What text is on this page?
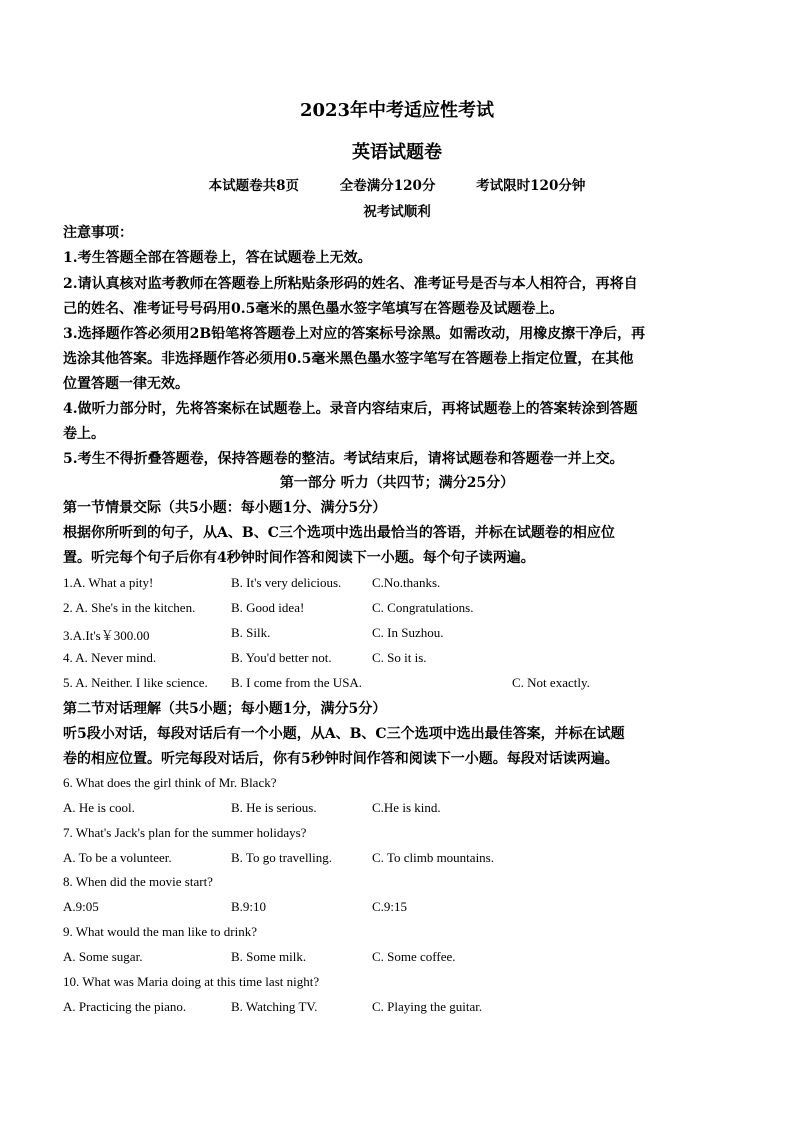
2023年中考适应性考试
英语试题卷
本试题卷共8页	全卷满分120分	考试限时120分钟
祝考试顺利
注意事项：
1.考生答题全部在答题卷上，答在试题卷上无效。
2.请认真核对监考教师在答题卷上所粘贴条形码的姓名、准考证号是否与本人相符合，再将自
己的姓名、准考证号号码用0.5毫米的黑色墨水签字笔填写在答题卷及试题卷上。
3.选择题作答必须用2B铅笔将答题卷上对应的答案标号涂黑。如需改动，用橡皮擦干净后，再
选涂其他答案。非选择题作答必须用0.5毫米黑色墨水签字笔写在答题卷上指定位置，在其他
位置答题一律无效。
4.做听力部分时，先将答案标在试题卷上。录音内容结束后，再将试题卷上的答案转涂到答题
卷上。
5.考生不得折叠答题卷，保持答题卷的整洁。考试结束后，请将试题卷和答题卷一并上交。
第一部分 听力（共四节；满分25分）
第一节情景交际（共5小题：每小题1分、满分5分）
根据你所听到的句子，从A、B、C三个选项中选出最恰当的答语，并标在试题卷的相应位
置。听完每个句子后你有4秒钟时间作答和阅读下一小题。每个句子读两遍。
1.A. What a pity!	B. It's very delicious. C.No.thanks.
2. A. She's in the kitchen.	B. Good idea!	C. Congratulations.
3.A.It's￥300.00	B. Silk.	C. In Suzhou.
4. A. Never mind.	B. You'd better not.	C. So it is.
5. A. Neither. I like science. B. I come from the USA.	C. Not exactly.
第二节对话理解（共5小题；每小题1分，满分5分）
听5段小对话，每段对话后有一个小题，从A、B、C三个选项中选出最佳答案，并标在试题
卷的相应位置。听完每段对话后，你有5秒钟时间作答和阅读下一小题。每段对话读两遍。
6. What does the girl think of Mr. Black?
A. He is cool.	B. He is serious.	C.He is kind.
7. What's Jack's plan for the summer holidays?
A. To be a volunteer.	B. To go travelling.	C. To climb mountains.
8. When did the movie start?
A.9:05	B.9:10	C.9:15
9. What would the man like to drink?
A. Some sugar.	B. Some milk.	C. Some coffee.
10. What was Maria doing at this time last night?
A. Practicing the piano.	B. Watching TV.	C. Playing the guitar.
